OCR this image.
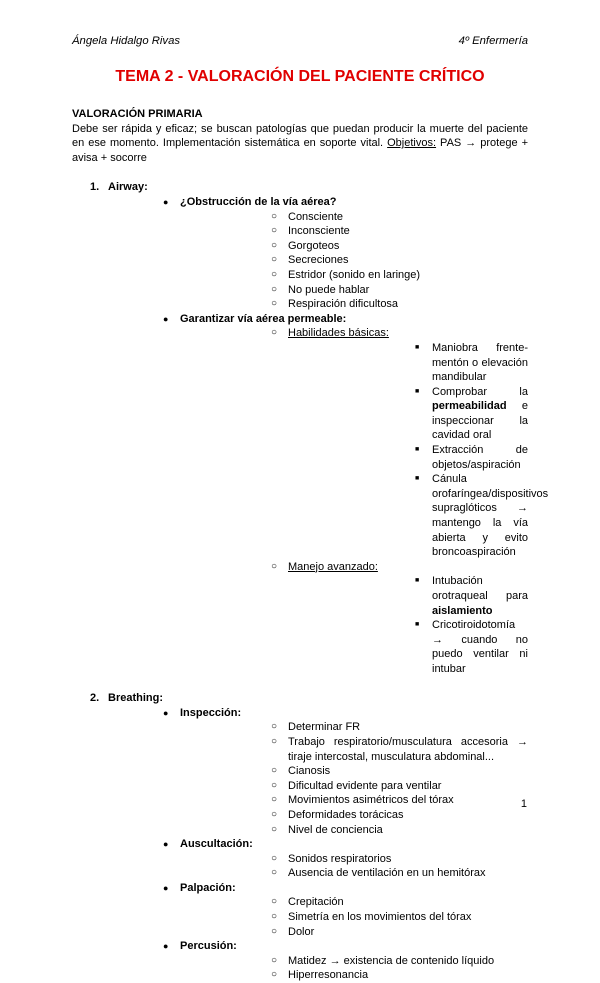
Ángela Hidalgo Rivas	4º Enfermería
TEMA 2 - VALORACIÓN DEL PACIENTE CRÍTICO
VALORACIÓN PRIMARIA
Debe ser rápida y eficaz; se buscan patologías que puedan producir la muerte del paciente en ese momento. Implementación sistemática en soporte vital. Objetivos: PAS → protege + avisa + socorre
1. Airway:
● ¿Obstrucción de la vía aérea?
○ Consciente
○ Inconsciente
○ Gorgoteos
○ Secreciones
○ Estridor (sonido en laringe)
○ No puede hablar
○ Respiración dificultosa
● Garantizar vía aérea permeable:
○ Habilidades básicas:
■ Maniobra frente-mentón o elevación mandibular
■ Comprobar la permeabilidad e inspeccionar la cavidad oral
■ Extracción de objetos/aspiración
■ Cánula orofaríngea/dispositivos supraglóticos → mantengo la vía abierta y evito broncoaspiración
○ Manejo avanzado:
■ Intubación orotraqueal para aislamiento
■ Cricotiroidotomía → cuando no puedo ventilar ni intubar
2. Breathing:
● Inspección:
○ Determinar FR
○ Trabajo respiratorio/musculatura accesoria → tiraje intercostal, musculatura abdominal...
○ Cianosis
○ Dificultad evidente para ventilar
○ Movimientos asimétricos del tórax
○ Deformidades torácicas
○ Nivel de conciencia
● Auscultación:
○ Sonidos respiratorios
○ Ausencia de ventilación en un hemitórax
● Palpación:
○ Crepitación
○ Simetría en los movimientos del tórax
○ Dolor
● Percusión:
○ Matidez → existencia de contenido líquido
○ Hiperresonancia
1
